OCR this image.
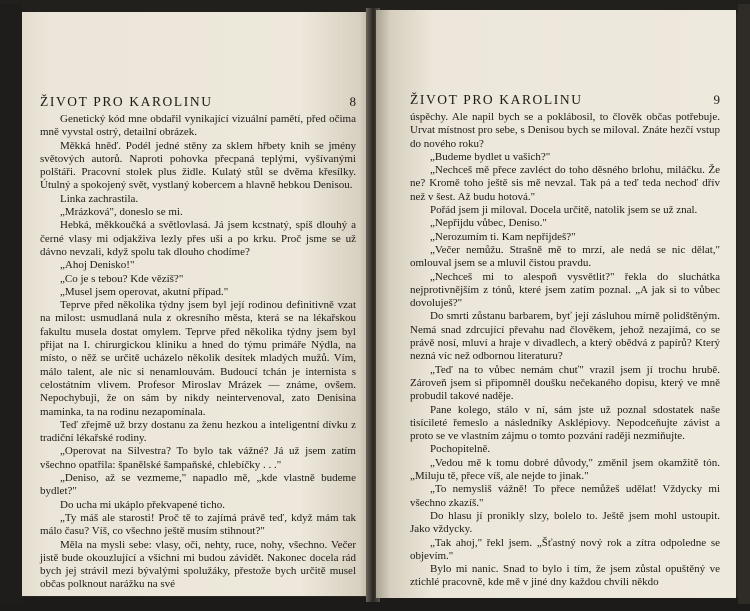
ŽIVOT PRO KAROLINU	8

Genetický kód mne obdařil vynikající vizuální pamětí, před očima mně vyvstal ostrý, detailní obrázek.

Měkká hněď. Podél jedné stěny za sklem hřbety knih se jmény světových autorů. Naproti pohovka přecpaná teplými, vyšívanými polštáři. Pracovní stolek plus židle. Kulatý stůl se dvěma křesílky. Útulný a spokojený svět, vystlaný kobercem a hlavně hebkou Denisou.

Linka zachrastila.

„Mrázková", doneslo se mi.

Hebká, měkkoučká a světlovlasá. Já jsem kcstnatý, spíš dlouhý a černé vlasy mi odjakživa lezly přes uši a po krku. Proč jsme se už dávno nevzali, když spolu tak dlouho chodíme?

„Ahoj Denisko!"

„Co je s tebou? Kde vězíš?"

„Musel jsem operovat, akutní případ."

Teprve před několika týdny jsem byl její rodinou definitivně vzat na milost: usmudlaná nula z okresního města, která se na lékařskou fakultu musela dostat omylem. Teprve před několika týdny jsem byl přijat na I. chirurgickou kliniku a hned do týmu primáře Nýdla, na místo, o něž se určitě ucházelo několik desítek mladých mužů. Vím, málo talent, ale nic si nenamlouvám. Budoucí tchán je internista s celostátním vlivem. Profesor Miroslav Mrázek — známe, ovšem. Nepochybuji, že on sám by nikdy neintervenoval, zato Denisina maminka, ta na rodinu nezapomínala.

Teď zřejmě už brzy dostanu za ženu hezkou a inteligentní dívku z tradiční lékařské rodiny.

„Operovat na Silvestra? To bylo tak vážné? Já už jsem zatím všechno opatřila: španělské šampaňské, chlebíčky . . ."

„Deniso, až se vezmeme," napadlo mě, „kde vlastně budeme bydlet?"

Do ucha mi ukáplo překvapené ticho.

„Ty máš ale starosti! Proč tě to zajímá právě teď, když mám tak málo času? Víš, co všechno ještě musím stihnout?"

Měla na mysli sebe: vlasy, oči, nehty, ruce, nohy, všechno. Večer jistě bude okouzlující a všichni mi budou závidět. Nakonec docela rád bych jej strávil mezi bývalými spolužáky, přestože bych určitě musel občas polknout narážku na své

ŽIVOT PRO KAROLINU	9

úspěchy. Ale napil bych se a poklábosil, to člověk občas potřebuje. Urvat místnost pro sebe, s Denisou bych se miloval. Znáte hezčí vstup do nového roku?

„Budeme bydlet u vašich?"

„Nechceš mě přece zavléct do toho děsného brlohu, miláčku. Že ne? Kromě toho ještě sis mě nevzal. Tak pá a teď teda nechoď dřív než v šest. Až budu hotová."

Pořád jsem ji miloval. Docela určitě, natolik jsem se už znal.

„Nepřijdu vůbec, Deniso."

„Nerozumím ti. Kam nepřijdeš?"

„Večer nemůžu. Strašně mě to mrzí, ale nedá se nic dělat," omlouval jsem se a mluvil čistou pravdu.

„Nechceš mi to alespoň vysvětlit?" řekla do sluchátka nejprotivnějším z tónů, které jsem zatím poznal. „A jak si to vůbec dovoluješ?"

Do smrti zůstanu barbarem, byť její zásluhou mírně polidštěným. Nemá snad zdrcující převahu nad člověkem, jehož nezajímá, co se právě nosí, mluví a hraje v divadlech, a který obědvá z papírů? Který nezná víc než odbornou literaturu?

„Teď na to vůbec nemám chuť" vrazil jsem jí trochu hrubě. Zároveň jsem si připomněl doušku nečekaného dopisu, který ve mně probudil takové naděje.

Pane kolego, stálo v ní, sám jste už poznal sdostatek naše tisícileté řemeslo a následníky Asklépiovy. Nepodceňujte závist a proto se ve vlastním zájmu o tomto pozvání raději nezmiňujte.

Pochopitelně.

„Vedou mě k tomu dobré důvody," změnil jsem okamžitě tón. „Miluju tě, přece víš, ale nejde to jinak."

„To nemysliš vážně! To přece nemůžeš udělat! Vždycky mi všechno zkazíš."

Do hlasu jí pronikly slzy, bolelo to. Ještě jsem mohl ustoupit. Jako vždycky.

„Tak ahoj," řekl jsem. „Šťastný nový rok a zítra odpoledne se objevím."

Bylo mi nanic. Snad to bylo i tím, že jsem zůstal opuštěný ve ztichlé pracovně, kde mě v jiné dny každou chvíli někdo
